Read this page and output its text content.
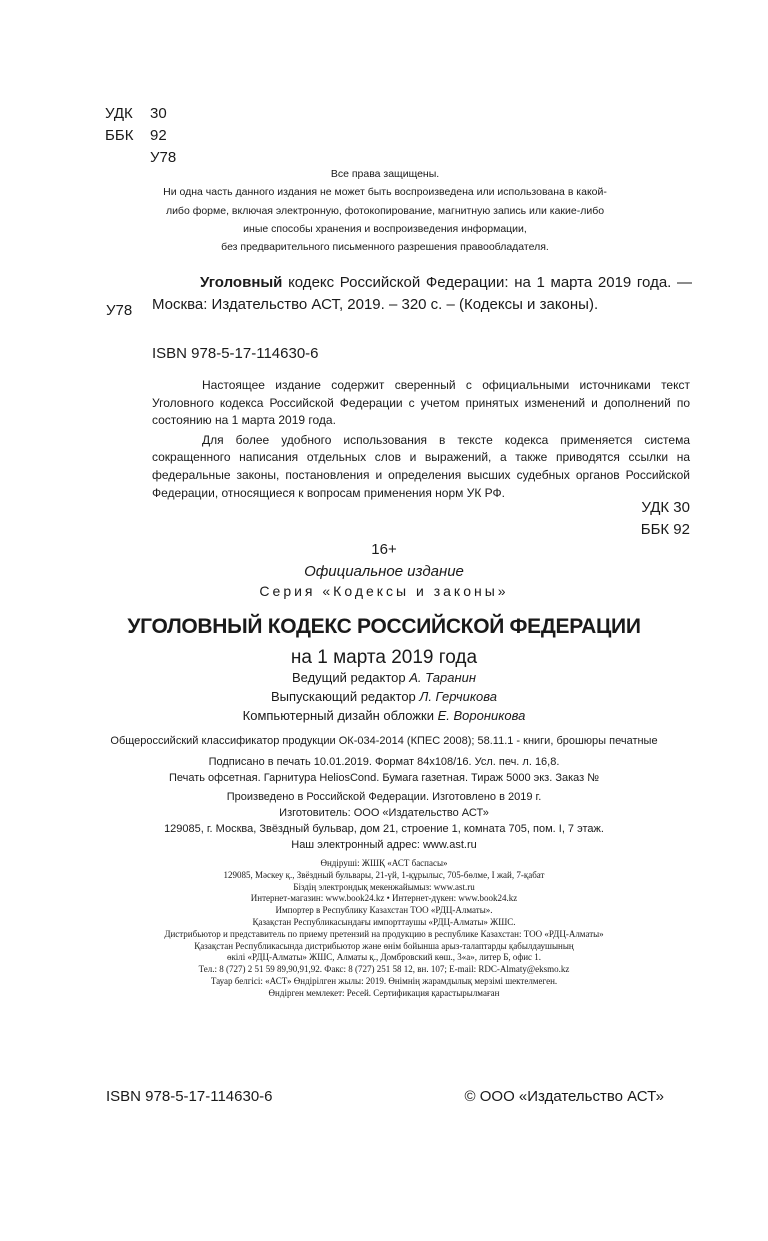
УДК	30
ББК	92
У78
Все права защищены.
Ни одна часть данного издания не может быть воспроизведена или использована в какой-
либо форме, включая электронную, фотокопирование, магнитную запись или какие-либо
иные способы хранения и воспроизведения информации,
без предварительного письменного разрешения правообладателя.
У78
Уголовный кодекс Российской Федерации: на 1 марта 2019 года. — Москва: Издательство АСТ, 2019. – 320 с. – (Кодексы и законы).
ISBN 978-5-17-114630-6

Настоящее издание содержит сверенный с официальными источниками текст Уголовного кодекса Российской Федерации с учетом принятых изменений и дополнений по состоянию на 1 марта 2019 года.

Для более удобного использования в тексте кодекса применяется система сокращенного написания отдельных слов и выражений, а также приводятся ссылки на федеральные законы, постановления и определения высших судебных органов Российской Федерации, относящиеся к вопросам применения норм УК РФ.

УДК 30
ББК 92
16+
Официальное издание
Серия «Кодексы и законы»
УГОЛОВНЫЙ КОДЕКС РОССИЙСКОЙ ФЕДЕРАЦИИ
на 1 марта 2019 года
Ведущий редактор А. Таранин
Выпускающий редактор Л. Герчикова
Компьютерный дизайн обложки Е. Вороникова
Общероссийский классификатор продукции ОК-034-2014 (КПЕС 2008); 58.11.1 - книги, брошюры печатные
Подписано в печать 10.01.2019. Формат 84x108/16. Усл. печ. л. 16,8.
Печать офсетная. Гарнитура HeliosCond. Бумага газетная. Тираж 5000 экз. Заказ №
Произведено в Российской Федерации. Изготовлено в 2019 г.
Изготовитель: ООО «Издательство АСТ»
129085, г. Москва, Звёздный бульвар, дом 21, строение 1, комната 705, пом. I, 7 этаж.
Наш электронный адрес: www.ast.ru
Өндіруші: ЖШҚ «АСТ баспасы»
129085, Мәскеу қ., Звёздный бульвары, 21-үй, 1-құрылыс, 705-бөлме, I жай, 7-қабат
Біздің электрондық мекенжайымыз: www.ast.ru
Интернет-магазин: www.book24.kz • Интернет-дүкен: www.book24.kz
Импортер в Республику Казахстан ТОО «РДЦ-Алматы».
Қазақстан Республикасындағы импорттаушы «РДЦ-Алматы» ЖШС.
Дистрибьютор и представитель по приему претензий на продукцию в республике Казахстан: ТОО «РДЦ-Алматы»
Қазақстан Республикасында дистрибьютор және өнім бойынша арыз-талаптарды қабылдаушының
өкілі «РДЦ-Алматы» ЖШС, Алматы қ., Домбровский көш., 3«а», литер Б, офис 1.
Тел.: 8 (727) 2 51 59 89,90,91,92. Факс: 8 (727) 251 58 12, вн. 107; E-mail: RDC-Almaty@eksmo.kz
Тауар белгісі: «АСТ» Өндірілген жылы: 2019. Өнімнің жарамдылық мерзімі шектелмеген.
Өндірген мемлекет: Ресей. Сертификация қарастырылмаған
ISBN 978-5-17-114630-6	© ООО «Издательство АСТ»
